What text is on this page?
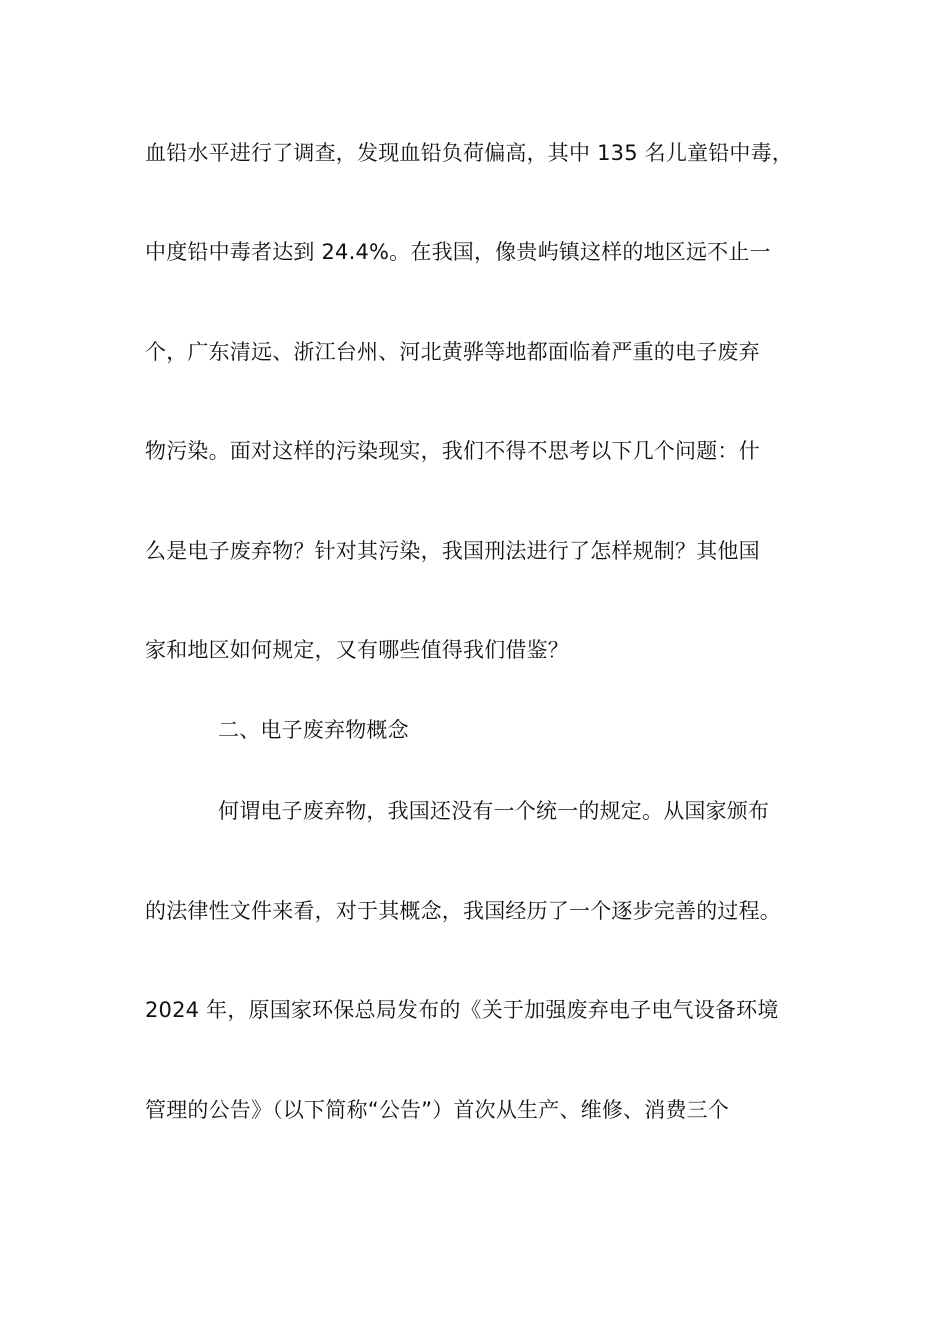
血铅水平进行了调查，发现血铅负荷偏高，其中 135 名儿童铅中毒，
中度铅中毒者达到 24.4%。在我国，像贵屿镇这样的地区远不止一
个，广东清远、浙江台州、河北黄骅等地都面临着严重的电子废弃
物污染。面对这样的污染现实，我们不得不思考以下几个问题：什
么是电子废弃物？针对其污染，我国刑法进行了怎样规制？其他国
家和地区如何规定，又有哪些值得我们借鉴？
二、电子废弃物概念
何谓电子废弃物，我国还没有一个统一的规定。从国家颁布
的法律性文件来看，对于其概念，我国经历了一个逐步完善的过程。
2024 年，原国家环保总局发布的《关于加强废弃电子电气设备环境
管理的公告》（以下简称“公告”）首次从生产、维修、消费三个
